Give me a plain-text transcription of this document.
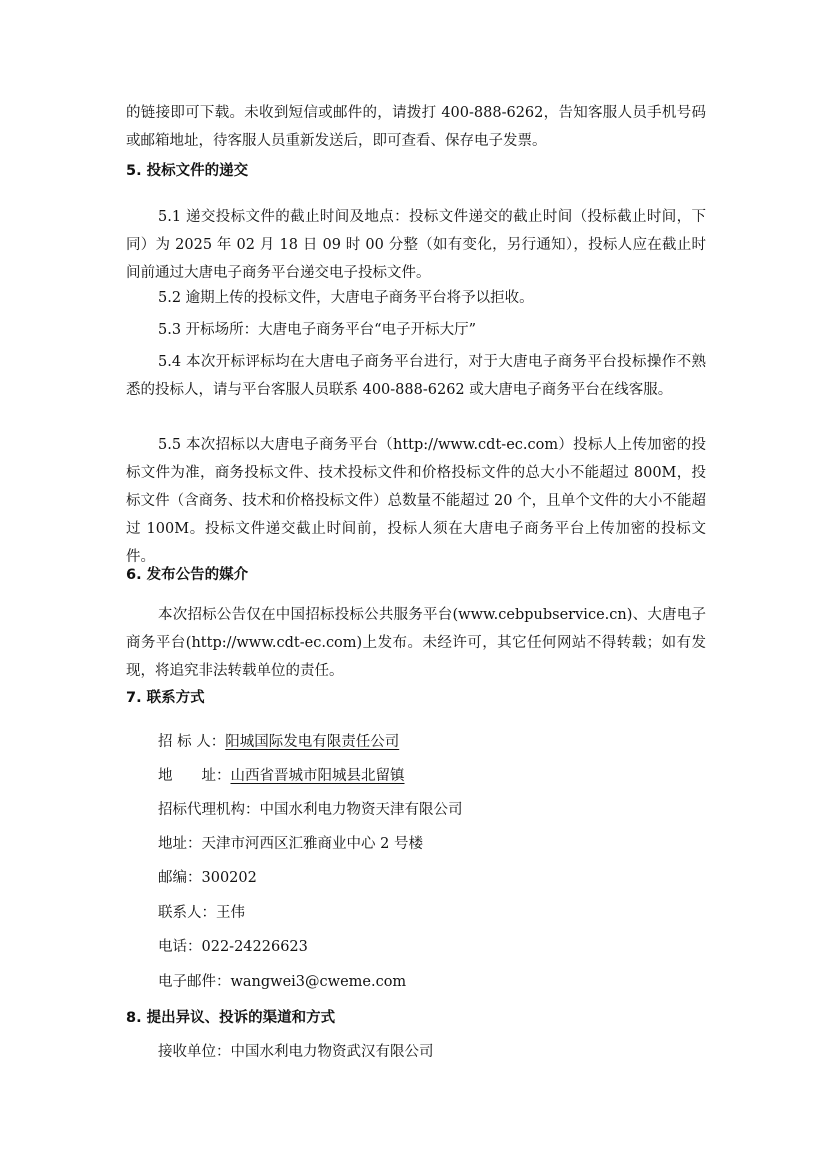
的链接即可下载。未收到短信或邮件的，请拨打 400-888-6262，告知客服人员手机号码或邮箱地址，待客服人员重新发送后，即可查看、保存电子发票。

5. 投标文件的递交

5.1 递交投标文件的截止时间及地点：投标文件递交的截止时间（投标截止时间，下同）为 2025 年 02 月 18 日 09 时 00 分整（如有变化，另行通知），投标人应在截止时间前通过大唐电子商务平台递交电子投标文件。

5.2 逾期上传的投标文件，大唐电子商务平台将予以拒收。

5.3 开标场所：大唐电子商务平台“电子开标大厅”

5.4 本次开标评标均在大唐电子商务平台进行，对于大唐电子商务平台投标操作不熟悉的投标人，请与平台客服人员联系 400-888-6262 或大唐电子商务平台在线客服。

5.5 本次招标以大唐电子商务平台（http://www.cdt-ec.com）投标人上传加密的投标文件为准，商务投标文件、技术投标文件和价格投标文件的总大小不能超过 800M，投标文件（含商务、技术和价格投标文件）总数量不能超过 20 个，且单个文件的大小不能超过 100M。投标文件递交截止时间前，投标人须在大唐电子商务平台上传加密的投标文件。

6. 发布公告的媒介

本次招标公告仅在中国招标投标公共服务平台(www.cebpubservice.cn)、大唐电子商务平台(http://www.cdt-ec.com)上发布。未经许可，其它任何网站不得转载；如有发现，将追究非法转载单位的责任。

7. 联系方式

招 标 人：阳城国际发电有限责任公司

地　　址：山西省晋城市阳城县北留镇

招标代理机构：中国水利电力物资天津有限公司

地址：天津市河西区汇雅商业中心 2 号楼

邮编：300202

联系人：王伟

电话：022-24226623

电子邮件：wangwei3@cweme.com

8. 提出异议、投诉的渠道和方式

接收单位：中国水利电力物资武汉有限公司
